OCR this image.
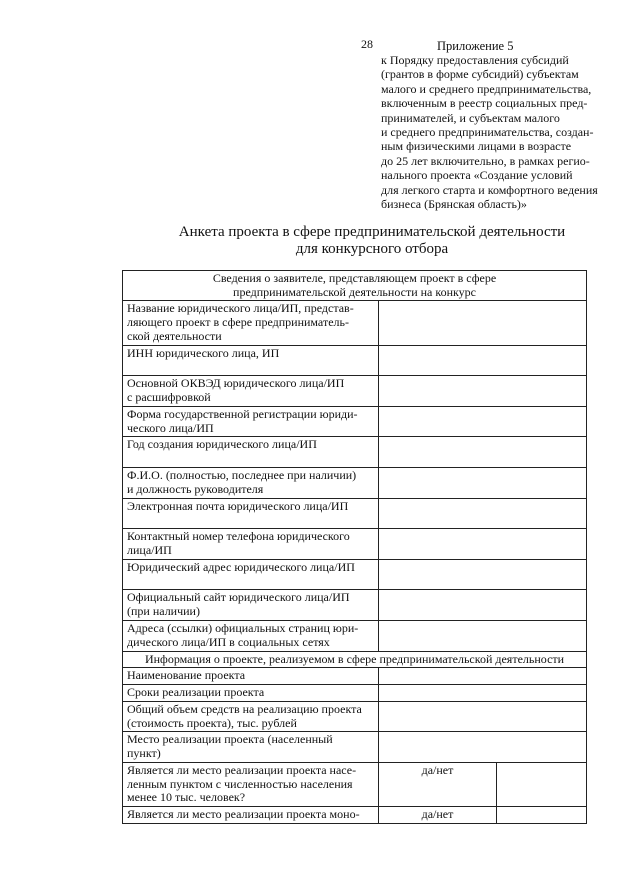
28	Приложение 5
к Порядку предоставления субсидий
(грантов в форме субсидий) субъектам
малого и среднего предпринимательства,
включенным в реестр социальных пред-
принимателей, и субъектам малого
и среднего предпринимательства, создан-
ным физическими лицами в возрасте
до 25 лет включительно, в рамках регио-
нального проекта «Создание условий
для легкого старта и комфортного ведения
бизнеса (Брянская область)»
Анкета проекта в сфере предпринимательской деятельности
для конкурсного отбора
Сведения о заявителе, представляющем проект в сфере
предпринимательской деятельности на конкурс		

Название юридического лица/ИП, представ-
ляющего проект в сфере предприниматель-
ской деятельности		

ИНН юридического лица, ИП		

Основной ОКВЭД юридического лица/ИП
с расшифровкой		

Форма государственной регистрации юриди-
ческого лица/ИП		

Год создания юридического лица/ИП		

Ф.И.О. (полностью, последнее при наличии)
и должность руководителя		

Электронная почта юридического лица/ИП		

Контактный номер телефона юридического
лица/ИП		

Юридический адрес юридического лица/ИП		

Официальный сайт юридического лица/ИП
(при наличии)		

Адреса (ссылки) официальных страниц юри-
дического лица/ИП в социальных сетях		

Информация о проекте, реализуемом в сфере предпринимательской деятельности		

Наименование проекта		

Сроки реализации проекта		

Общий объем средств на реализацию проекта
(стоимость проекта), тыс. рублей		

Место реализации проекта (населенный
пункт)		

Является ли место реализации проекта насе-
ленным пунктом с численностью населения
менее 10 тыс. человек?	да/нет	

Является ли место реализации проекта моно-	да/нет	
